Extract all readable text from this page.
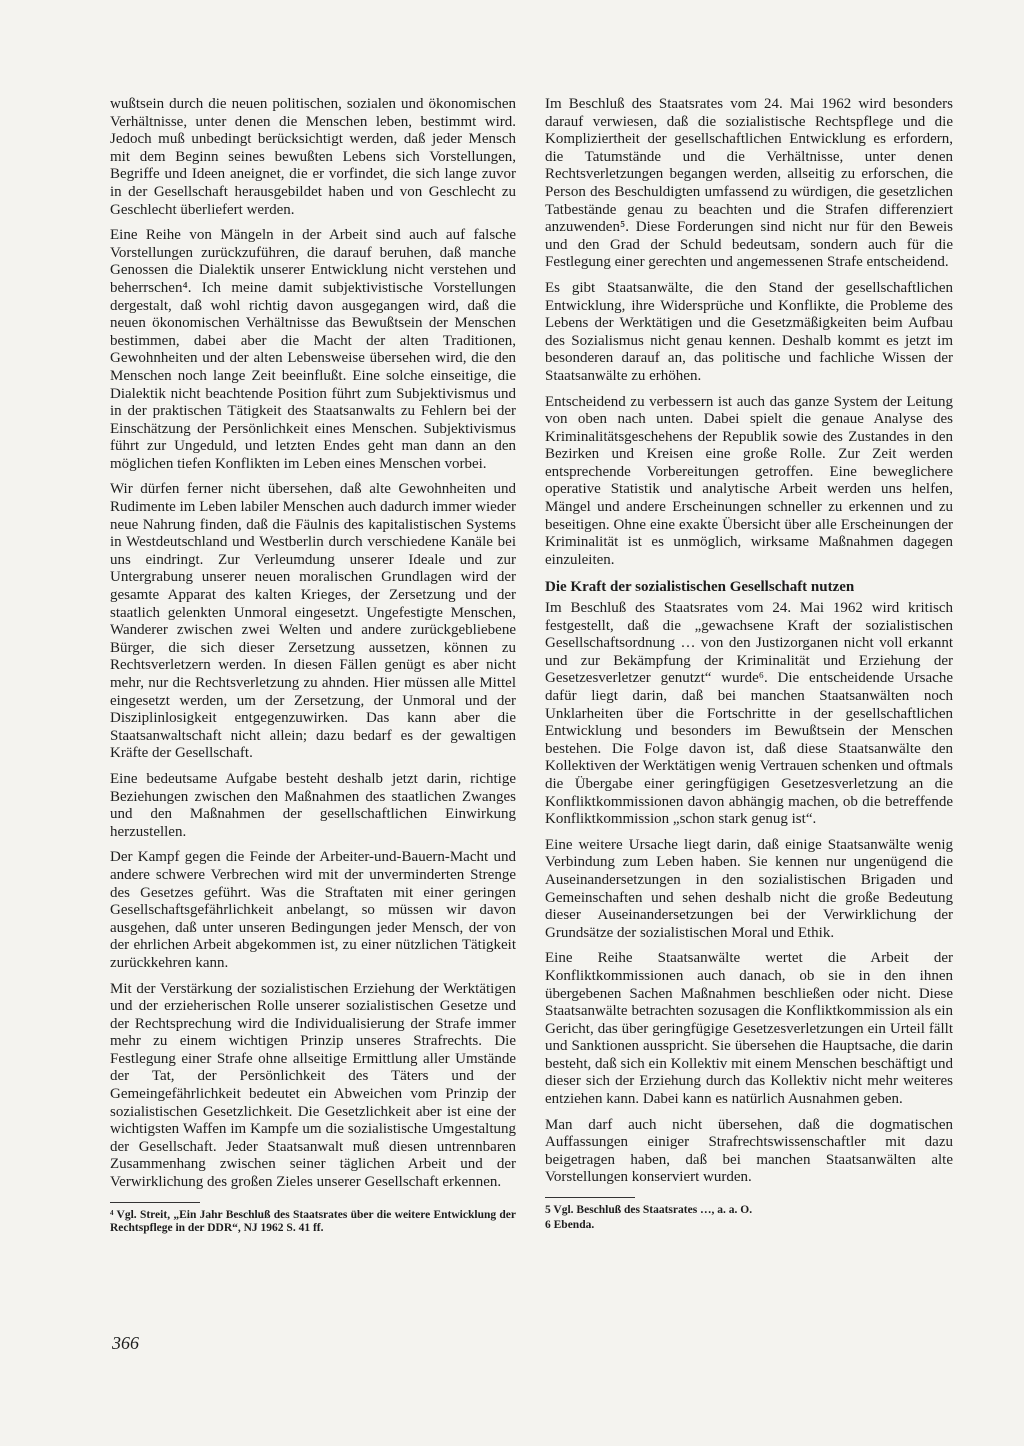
wußtsein durch die neuen politischen, sozialen und ökonomischen Verhältnisse, unter denen die Menschen leben, bestimmt wird. Jedoch muß unbedingt berücksichtigt werden, daß jeder Mensch mit dem Beginn seines bewußten Lebens sich Vorstellungen, Begriffe und Ideen aneignet, die er vorfindet, die sich lange zuvor in der Gesellschaft herausgebildet haben und von Geschlecht zu Geschlecht überliefert werden.

Eine Reihe von Mängeln in der Arbeit sind auch auf falsche Vorstellungen zurückzuführen, die darauf beruhen, daß manche Genossen die Dialektik unserer Entwicklung nicht verstehen und beherrschen⁴. Ich meine damit subjektivistische Vorstellungen dergestalt, daß wohl richtig davon ausgegangen wird, daß die neuen ökonomischen Verhältnisse das Bewußtsein der Menschen bestimmen, dabei aber die Macht der alten Traditionen, Gewohnheiten und der alten Lebensweise übersehen wird, die den Menschen noch lange Zeit beeinflußt. Eine solche einseitige, die Dialektik nicht beachtende Position führt zum Subjektivismus und in der praktischen Tätigkeit des Staatsanwalts zu Fehlern bei der Einschätzung der Persönlichkeit eines Menschen. Subjektivismus führt zur Ungeduld, und letzten Endes geht man dann an den möglichen tiefen Konflikten im Leben eines Menschen vorbei.

Wir dürfen ferner nicht übersehen, daß alte Gewohnheiten und Rudimente im Leben labiler Menschen auch dadurch immer wieder neue Nahrung finden, daß die Fäulnis des kapitalistischen Systems in Westdeutschland und Westberlin durch verschiedene Kanäle bei uns eindringt. Zur Verleumdung unserer Ideale und zur Untergrabung unserer neuen moralischen Grundlagen wird der gesamte Apparat des kalten Krieges, der Zersetzung und der staatlich gelenkten Unmoral eingesetzt. Ungefestigte Menschen, Wanderer zwischen zwei Welten und andere zurückgebliebene Bürger, die sich dieser Zersetzung aussetzen, können zu Rechtsverletzern werden. In diesen Fällen genügt es aber nicht mehr, nur die Rechtsverletzung zu ahnden. Hier müssen alle Mittel eingesetzt werden, um der Zersetzung, der Unmoral und der Disziplinlosigkeit entgegenzuwirken. Das kann aber die Staatsanwaltschaft nicht allein; dazu bedarf es der gewaltigen Kräfte der Gesellschaft.

Eine bedeutsame Aufgabe besteht deshalb jetzt darin, richtige Beziehungen zwischen den Maßnahmen des staatlichen Zwanges und den Maßnahmen der gesellschaftlichen Einwirkung herzustellen.

Der Kampf gegen die Feinde der Arbeiter-und-Bauern-Macht und andere schwere Verbrechen wird mit der unverminderten Strenge des Gesetzes geführt. Was die Straftaten mit einer geringen Gesellschaftsgefährlichkeit anbelangt, so müssen wir davon ausgehen, daß unter unseren Bedingungen jeder Mensch, der von der ehrlichen Arbeit abgekommen ist, zu einer nützlichen Tätigkeit zurückkehren kann.

Mit der Verstärkung der sozialistischen Erziehung der Werktätigen und der erzieherischen Rolle unserer sozialistischen Gesetze und der Rechtsprechung wird die Individualisierung der Strafe immer mehr zu einem wichtigen Prinzip unseres Strafrechts. Die Festlegung einer Strafe ohne allseitige Ermittlung aller Umstände der Tat, der Persönlichkeit des Täters und der Gemeingefährlichkeit bedeutet ein Abweichen vom Prinzip der sozialistischen Gesetzlichkeit. Die Gesetzlichkeit aber ist eine der wichtigsten Waffen im Kampfe um die sozialistische Umgestaltung der Gesellschaft. Jeder Staatsanwalt muß diesen untrennbaren Zusammenhang zwischen seiner täglichen Arbeit und der Verwirklichung des großen Zieles unserer Gesellschaft erkennen.

⁴ Vgl. Streit, „Ein Jahr Beschluß des Staatsrates über die weitere Entwicklung der Rechtspflege in der DDR“, NJ 1962 S. 41 ff.

Im Beschluß des Staatsrates vom 24. Mai 1962 wird besonders darauf verwiesen, daß die sozialistische Rechtspflege und die Kompliziertheit der gesellschaftlichen Entwicklung es erfordern, die Tatumstände und die Verhältnisse, unter denen Rechtsverletzungen begangen werden, allseitig zu erforschen, die Person des Beschuldigten umfassend zu würdigen, die gesetzlichen Tatbestände genau zu beachten und die Strafen differenziert anzuwenden⁵. Diese Forderungen sind nicht nur für den Beweis und den Grad der Schuld bedeutsam, sondern auch für die Festlegung einer gerechten und angemessenen Strafe entscheidend.

Es gibt Staatsanwälte, die den Stand der gesellschaftlichen Entwicklung, ihre Widersprüche und Konflikte, die Probleme des Lebens der Werktätigen und die Gesetzmäßigkeiten beim Aufbau des Sozialismus nicht genau kennen. Deshalb kommt es jetzt im besonderen darauf an, das politische und fachliche Wissen der Staatsanwälte zu erhöhen.

Entscheidend zu verbessern ist auch das ganze System der Leitung von oben nach unten. Dabei spielt die genaue Analyse des Kriminalitätsgeschehens der Republik sowie des Zustandes in den Bezirken und Kreisen eine große Rolle. Zur Zeit werden entsprechende Vorbereitungen getroffen. Eine beweglichere operative Statistik und analytische Arbeit werden uns helfen, Mängel und andere Erscheinungen schneller zu erkennen und zu beseitigen. Ohne eine exakte Übersicht über alle Erscheinungen der Kriminalität ist es unmöglich, wirksame Maßnahmen dagegen einzuleiten.

Die Kraft der sozialistischen Gesellschaft nutzen

Im Beschluß des Staatsrates vom 24. Mai 1962 wird kritisch festgestellt, daß die „gewachsene Kraft der sozialistischen Gesellschaftsordnung … von den Justizorganen nicht voll erkannt und zur Bekämpfung der Kriminalität und Erziehung der Gesetzesverletzer genutzt“ wurde⁶. Die entscheidende Ursache dafür liegt darin, daß bei manchen Staatsanwälten noch Unklarheiten über die Fortschritte in der gesellschaftlichen Entwicklung und besonders im Bewußtsein der Menschen bestehen. Die Folge davon ist, daß diese Staatsanwälte den Kollektiven der Werktätigen wenig Vertrauen schenken und oftmals die Übergabe einer geringfügigen Gesetzesverletzung an die Konfliktkommissionen davon abhängig machen, ob die betreffende Konfliktkommission „schon stark genug ist“.

Eine weitere Ursache liegt darin, daß einige Staatsanwälte wenig Verbindung zum Leben haben. Sie kennen nur ungenügend die Auseinandersetzungen in den sozialistischen Brigaden und Gemeinschaften und sehen deshalb nicht die große Bedeutung dieser Auseinandersetzungen bei der Verwirklichung der Grundsätze der sozialistischen Moral und Ethik.

Eine Reihe Staatsanwälte wertet die Arbeit der Konfliktkommissionen auch danach, ob sie in den ihnen übergebenen Sachen Maßnahmen beschließen oder nicht. Diese Staatsanwälte betrachten sozusagen die Konfliktkommission als ein Gericht, das über geringfügige Gesetzesverletzungen ein Urteil fällt und Sanktionen ausspricht. Sie übersehen die Hauptsache, die darin besteht, daß sich ein Kollektiv mit einem Menschen beschäftigt und dieser sich der Erziehung durch das Kollektiv nicht mehr weiteres entziehen kann. Dabei kann es natürlich Ausnahmen geben.

Man darf auch nicht übersehen, daß die dogmatischen Auffassungen einiger Strafrechtswissenschaftler mit dazu beigetragen haben, daß bei manchen Staatsanwälten alte Vorstellungen konserviert wurden.

5 Vgl. Beschluß des Staatsrates …, a. a. O.
6 Ebenda.
366
